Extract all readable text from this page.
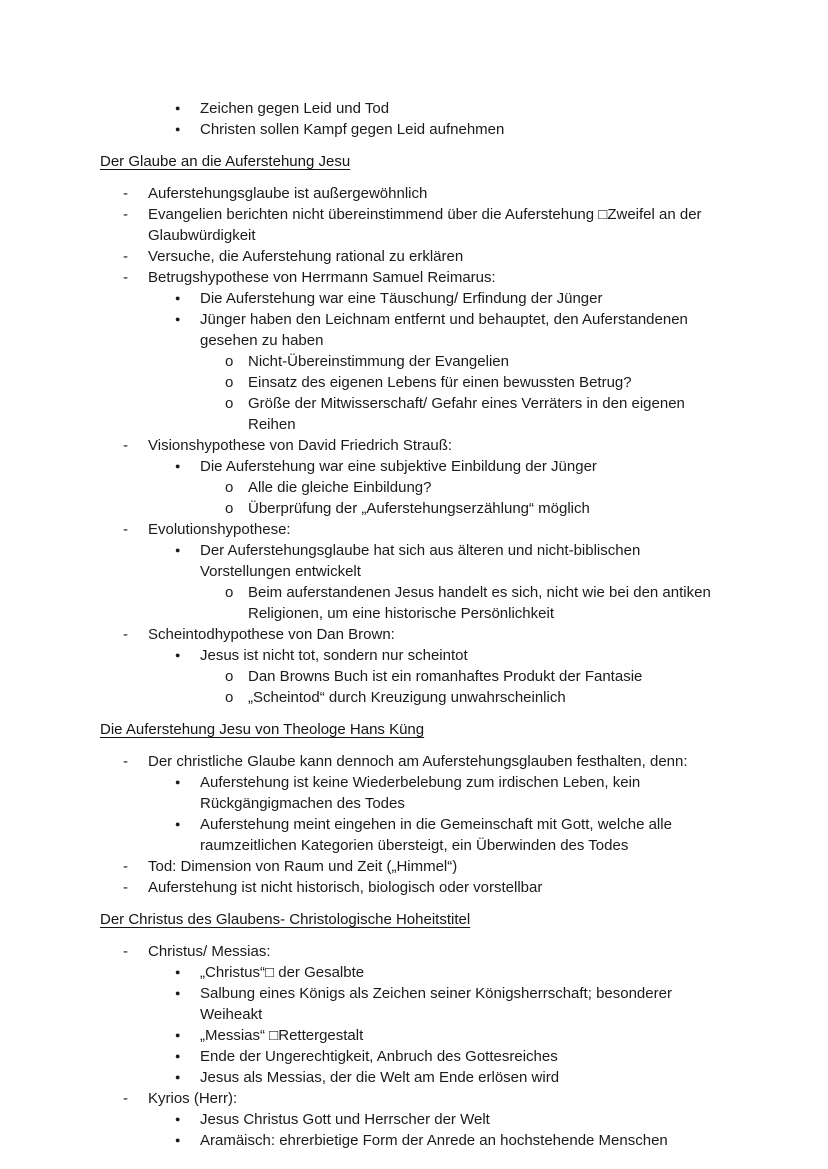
● Zeichen gegen Leid und Tod
● Christen sollen Kampf gegen Leid aufnehmen
Der Glaube an die Auferstehung Jesu
- Auferstehungsglaube ist außergewöhnlich
- Evangelien berichten nicht übereinstimmend über die Auferstehung □Zweifel an der Glaubwürdigkeit
- Versuche, die Auferstehung rational zu erklären
- Betrugshypothese von Herrmann Samuel Reimarus:
● Die Auferstehung war eine Täuschung/ Erfindung der Jünger
● Jünger haben den Leichnam entfernt und behauptet, den Auferstandenen gesehen zu haben
o Nicht-Übereinstimmung der Evangelien
o Einsatz des eigenen Lebens für einen bewussten Betrug?
o Größe der Mitwisserschaft/ Gefahr eines Verräters in den eigenen Reihen
- Visionshypothese von David Friedrich Strauß:
● Die Auferstehung war eine subjektive Einbildung der Jünger
o Alle die gleiche Einbildung?
o Überprüfung der „Auferstehungserzählung“ möglich
- Evolutionshypothese:
● Der Auferstehungsglaube hat sich aus älteren und nicht-biblischen Vorstellungen entwickelt
o Beim auferstandenen Jesus handelt es sich, nicht wie bei den antiken Religionen, um eine historische Persönlichkeit
- Scheintodhypothese von Dan Brown:
● Jesus ist nicht tot, sondern nur scheintot
o Dan Browns Buch ist ein romanhaftes Produkt der Fantasie
o „Scheintod“ durch Kreuzigung unwahrscheinlich
Die Auferstehung Jesu von Theologe Hans Küng
- Der christliche Glaube kann dennoch am Auferstehungsglauben festhalten, denn:
● Auferstehung ist keine Wiederbelebung zum irdischen Leben, kein Rückgängigmachen des Todes
● Auferstehung meint eingehen in die Gemeinschaft mit Gott, welche alle raumzeitlichen Kategorien übersteigt, ein Überwinden des Todes
- Tod: Dimension von Raum und Zeit („Himmel“)
- Auferstehung ist nicht historisch, biologisch oder vorstellbar
Der Christus des Glaubens- Christologische Hoheitstitel
- Christus/ Messias:
● „Christus“□ der Gesalbte
● Salbung eines Königs als Zeichen seiner Königsherrschaft; besonderer Weiheakt
● „Messias“ □Rettergestalt
● Ende der Ungerechtigkeit, Anbruch des Gottesreiches
● Jesus als Messias, der die Welt am Ende erlösen wird
- Kyrios (Herr):
● Jesus Christus Gott und Herrscher der Welt
● Aramäisch: ehrerbietige Form der Anrede an hochstehende Menschen
